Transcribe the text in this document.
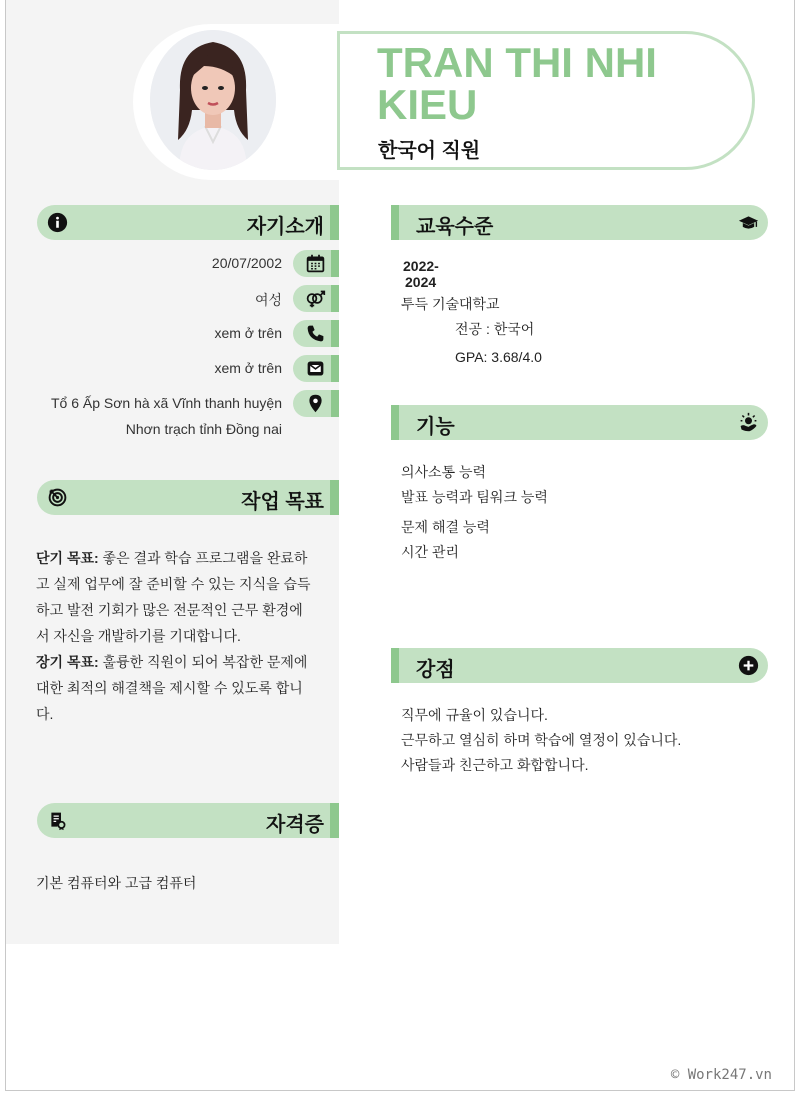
TRAN THI NHI KIEU
한국어 직원
자기소개
20/07/2002
여성
xem ở trên
xem ở trên
Tổ 6 Ấp Sơn hà xã Vĩnh thanh huyện
Nhơn trạch tỉnh Đồng nai
작업 목표
단기 목표: 좋은 결과 학습 프로그램을 완료하
고 실제 업무에 잘 준비할 수 있는 지식을 습득
하고 발전 기회가 많은 전문적인 근무 환경에
서 자신을 개발하기를 기대합니다.
장기 목표: 훌륭한 직원이 되어 복잡한 문제에
대한 최적의 해결책을 제시할 수 있도록 합니
다.
자격증
기본 컴퓨터와 고급 컴퓨터
교육수준
2022-
2024
투득 기술대학교
전공 : 한국어
GPA: 3.68/4.0
기능
의사소통 능력
발표 능력과 팀워크 능력
문제 해결 능력
시간 관리
강점
직무에 규율이 있습니다.
근무하고 열심히 하며 학습에 열정이 있습니다.
사람들과 친근하고 화합합니다.
© Work247.vn
